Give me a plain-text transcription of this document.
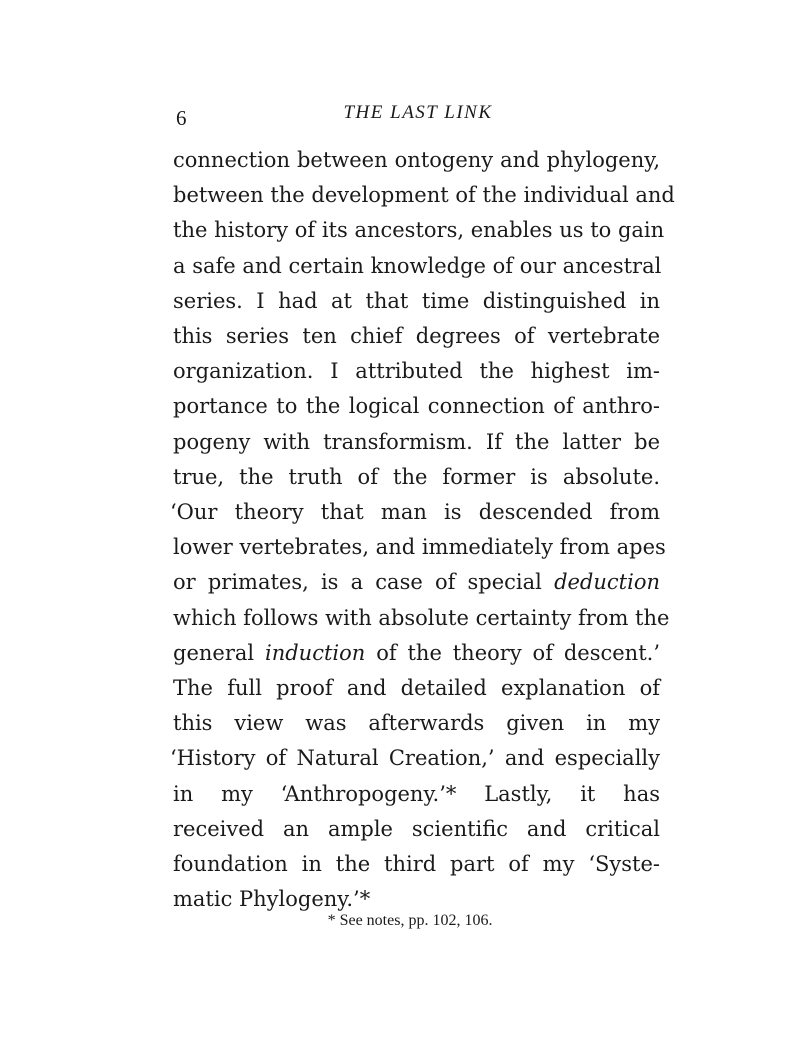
6	THE LAST LINK
connection between ontogeny and phylogeny,
between the development of the individual and
the history of its ancestors, enables us to gain
a safe and certain knowledge of our ancestral
series. I had at that time distinguished in
this series ten chief degrees of vertebrate
organization. I attributed the highest im-
portance to the logical connection of anthro-
pogeny with transformism. If the latter be
true, the truth of the former is absolute.
‘Our theory that man is descended from
lower vertebrates, and immediately from apes
or primates, is a case of special deduction
which follows with absolute certainty from the
general induction of the theory of descent.’
The full proof and detailed explanation of
this view was afterwards given in my
‘History of Natural Creation,’ and especially
in my ‘Anthropogeny.’* Lastly, it has
received an ample scientific and critical
foundation in the third part of my ‘Syste-
matic Phylogeny.’*
* See notes, pp. 102, 106.
